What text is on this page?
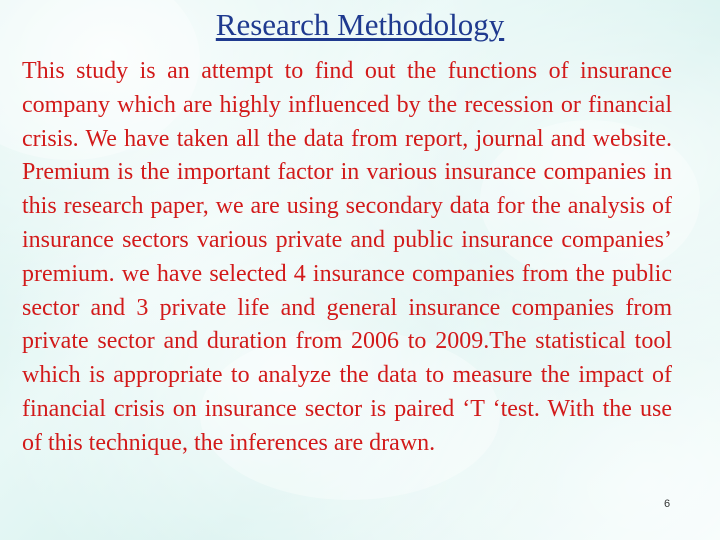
Research Methodology

This study is an attempt to find out the functions of insurance company which are highly influenced by the recession or financial crisis. We have taken all the data from report, journal and website. Premium is the important factor in various insurance companies in this research paper, we are using secondary data for the analysis of insurance sectors various private and public insurance companies’ premium. we have selected 4 insurance companies from the public sector and 3 private life and general insurance companies from private sector and duration from 2006 to 2009.The statistical tool which is appropriate to analyze the data to measure the impact of financial crisis on insurance sector is paired ‘T ‘test. With the use of this technique, the inferences are drawn.

6
